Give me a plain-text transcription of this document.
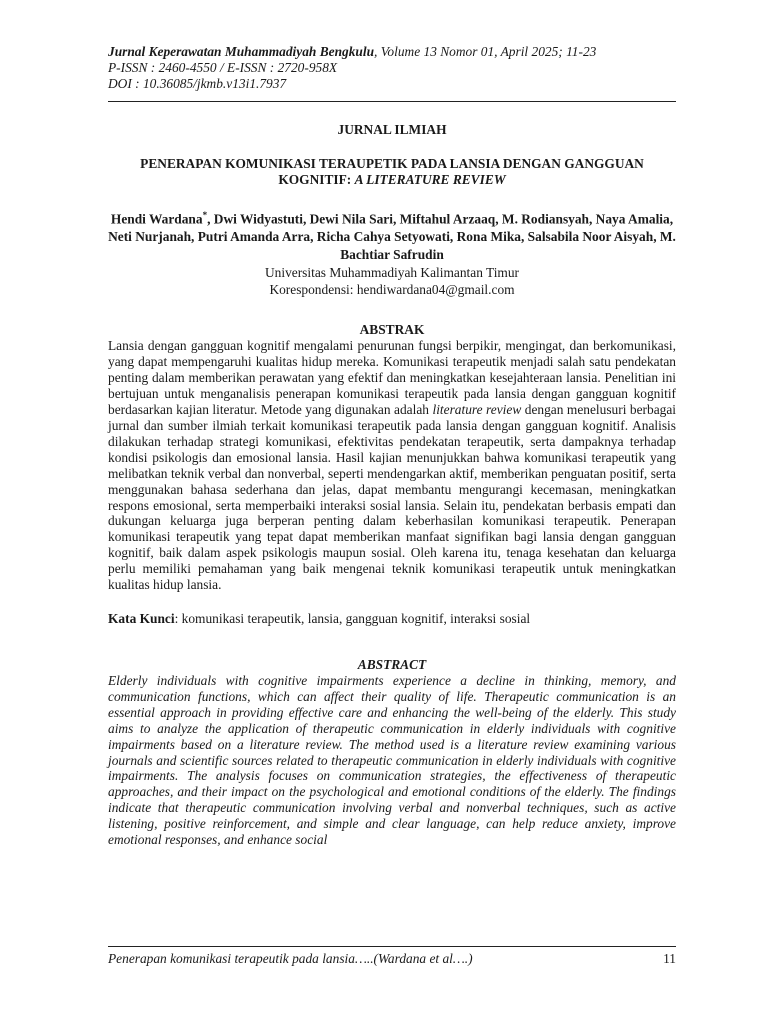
Jurnal Keperawatan Muhammadiyah Bengkulu, Volume 13 Nomor 01, April 2025; 11-23
P-ISSN : 2460-4550 / E-ISSN : 2720-958X
DOI : 10.36085/jkmb.v13i1.7937
JURNAL ILMIAH
PENERAPAN KOMUNIKASI TERAUPETIK PADA LANSIA DENGAN GANGGUAN KOGNITIF: A LITERATURE REVIEW
Hendi Wardana*, Dwi Widyastuti, Dewi Nila Sari, Miftahul Arzaaq, M. Rodiansyah, Naya Amalia, Neti Nurjanah, Putri Amanda Arra, Richa Cahya Setyowati, Rona Mika, Salsabila Noor Aisyah, M. Bachtiar Safrudin
Universitas Muhammadiyah Kalimantan Timur
Korespondensi: hendiwardana04@gmail.com
ABSTRAK

Lansia dengan gangguan kognitif mengalami penurunan fungsi berpikir, mengingat, dan berkomunikasi, yang dapat mempengaruhi kualitas hidup mereka. Komunikasi terapeutik menjadi salah satu pendekatan penting dalam memberikan perawatan yang efektif dan meningkatkan kesejahteraan lansia. Penelitian ini bertujuan untuk menganalisis penerapan komunikasi terapeutik pada lansia dengan gangguan kognitif berdasarkan kajian literatur. Metode yang digunakan adalah literature review dengan menelusuri berbagai jurnal dan sumber ilmiah terkait komunikasi terapeutik pada lansia dengan gangguan kognitif. Analisis dilakukan terhadap strategi komunikasi, efektivitas pendekatan terapeutik, serta dampaknya terhadap kondisi psikologis dan emosional lansia. Hasil kajian menunjukkan bahwa komunikasi terapeutik yang melibatkan teknik verbal dan nonverbal, seperti mendengarkan aktif, memberikan penguatan positif, serta menggunakan bahasa sederhana dan jelas, dapat membantu mengurangi kecemasan, meningkatkan respons emosional, serta memperbaiki interaksi sosial lansia. Selain itu, pendekatan berbasis empati dan dukungan keluarga juga berperan penting dalam keberhasilan komunikasi terapeutik. Penerapan komunikasi terapeutik yang tepat dapat memberikan manfaat signifikan bagi lansia dengan gangguan kognitif, baik dalam aspek psikologis maupun sosial. Oleh karena itu, tenaga kesehatan dan keluarga perlu memiliki pemahaman yang baik mengenai teknik komunikasi terapeutik untuk meningkatkan kualitas hidup lansia.

Kata Kunci: komunikasi terapeutik, lansia, gangguan kognitif, interaksi sosial
ABSTRACT

Elderly individuals with cognitive impairments experience a decline in thinking, memory, and communication functions, which can affect their quality of life. Therapeutic communication is an essential approach in providing effective care and enhancing the well-being of the elderly. This study aims to analyze the application of therapeutic communication in elderly individuals with cognitive impairments based on a literature review. The method used is a literature review examining various journals and scientific sources related to therapeutic communication in elderly individuals with cognitive impairments. The analysis focuses on communication strategies, the effectiveness of therapeutic approaches, and their impact on the psychological and emotional conditions of the elderly. The findings indicate that therapeutic communication involving verbal and nonverbal techniques, such as active listening, positive reinforcement, and simple and clear language, can help reduce anxiety, improve emotional responses, and enhance social

Penerapan komunikasi terapeutik pada lansia…..(Wardana et al….)	11
